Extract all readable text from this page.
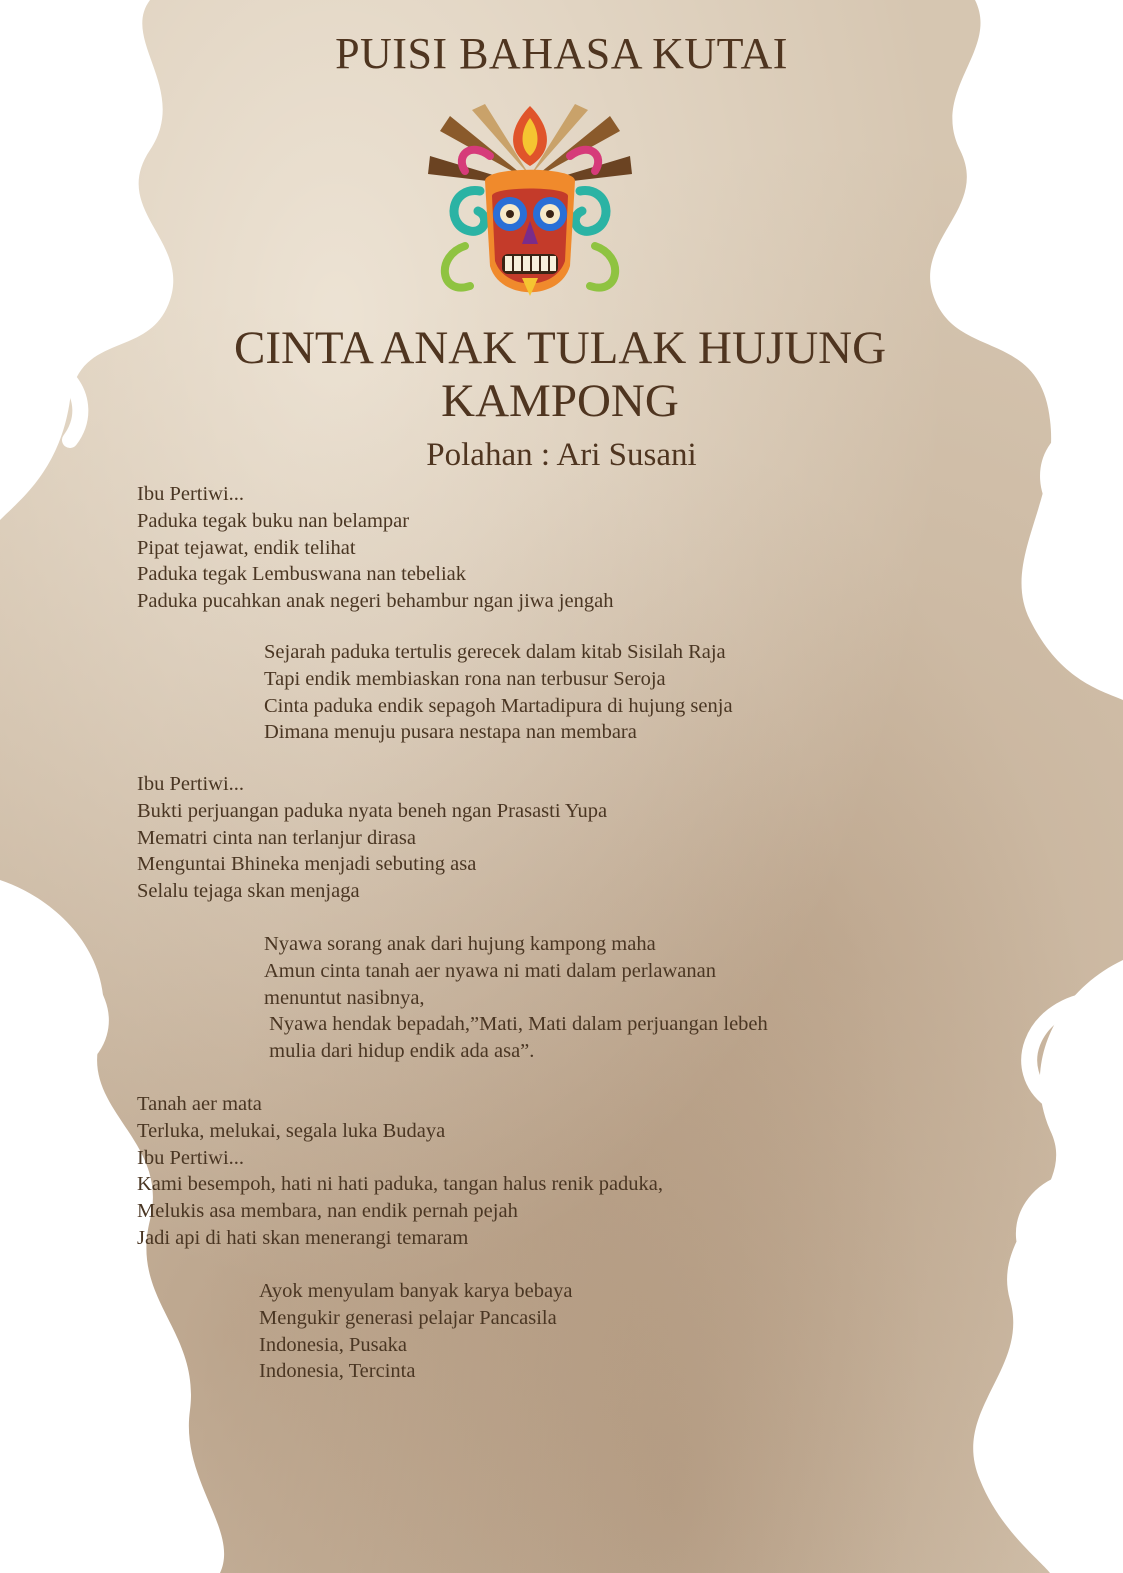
PUISI BAHASA KUTAI
CINTA ANAK TULAK HUJUNG KAMPONG
Polahan : Ari Susani
Ibu Pertiwi...
Paduka tegak buku nan belampar
Pipat tejawat, endik telihat
Paduka tegak Lembuswana nan tebeliak
Paduka pucahkan anak negeri behambur ngan jiwa jengah
Sejarah paduka tertulis gerecek dalam kitab Sisilah Raja
Tapi endik membiaskan rona nan terbusur Seroja
Cinta paduka endik sepagoh Martadipura di hujung senja
Dimana menuju pusara nestapa nan membara
Ibu Pertiwi...
Bukti perjuangan paduka nyata beneh ngan Prasasti Yupa
Mematri cinta nan terlanjur dirasa
Menguntai Bhineka menjadi sebuting asa
Selalu tejaga skan menjaga
Nyawa sorang anak dari hujung kampong maha
Amun cinta tanah aer nyawa ni mati dalam perlawanan
menuntut nasibnya,
Nyawa hendak bepadah,”Mati, Mati dalam perjuangan lebeh
mulia dari hidup endik ada asa”.
Tanah aer mata
Terluka, melukai, segala luka Budaya
Ibu Pertiwi...
Kami besempoh, hati ni hati paduka, tangan halus renik paduka,
Melukis asa membara, nan endik pernah pejah
Jadi api di hati skan menerangi temaram
Ayok menyulam banyak karya bebaya
Mengukir generasi pelajar Pancasila
Indonesia, Pusaka
Indonesia, Tercinta
